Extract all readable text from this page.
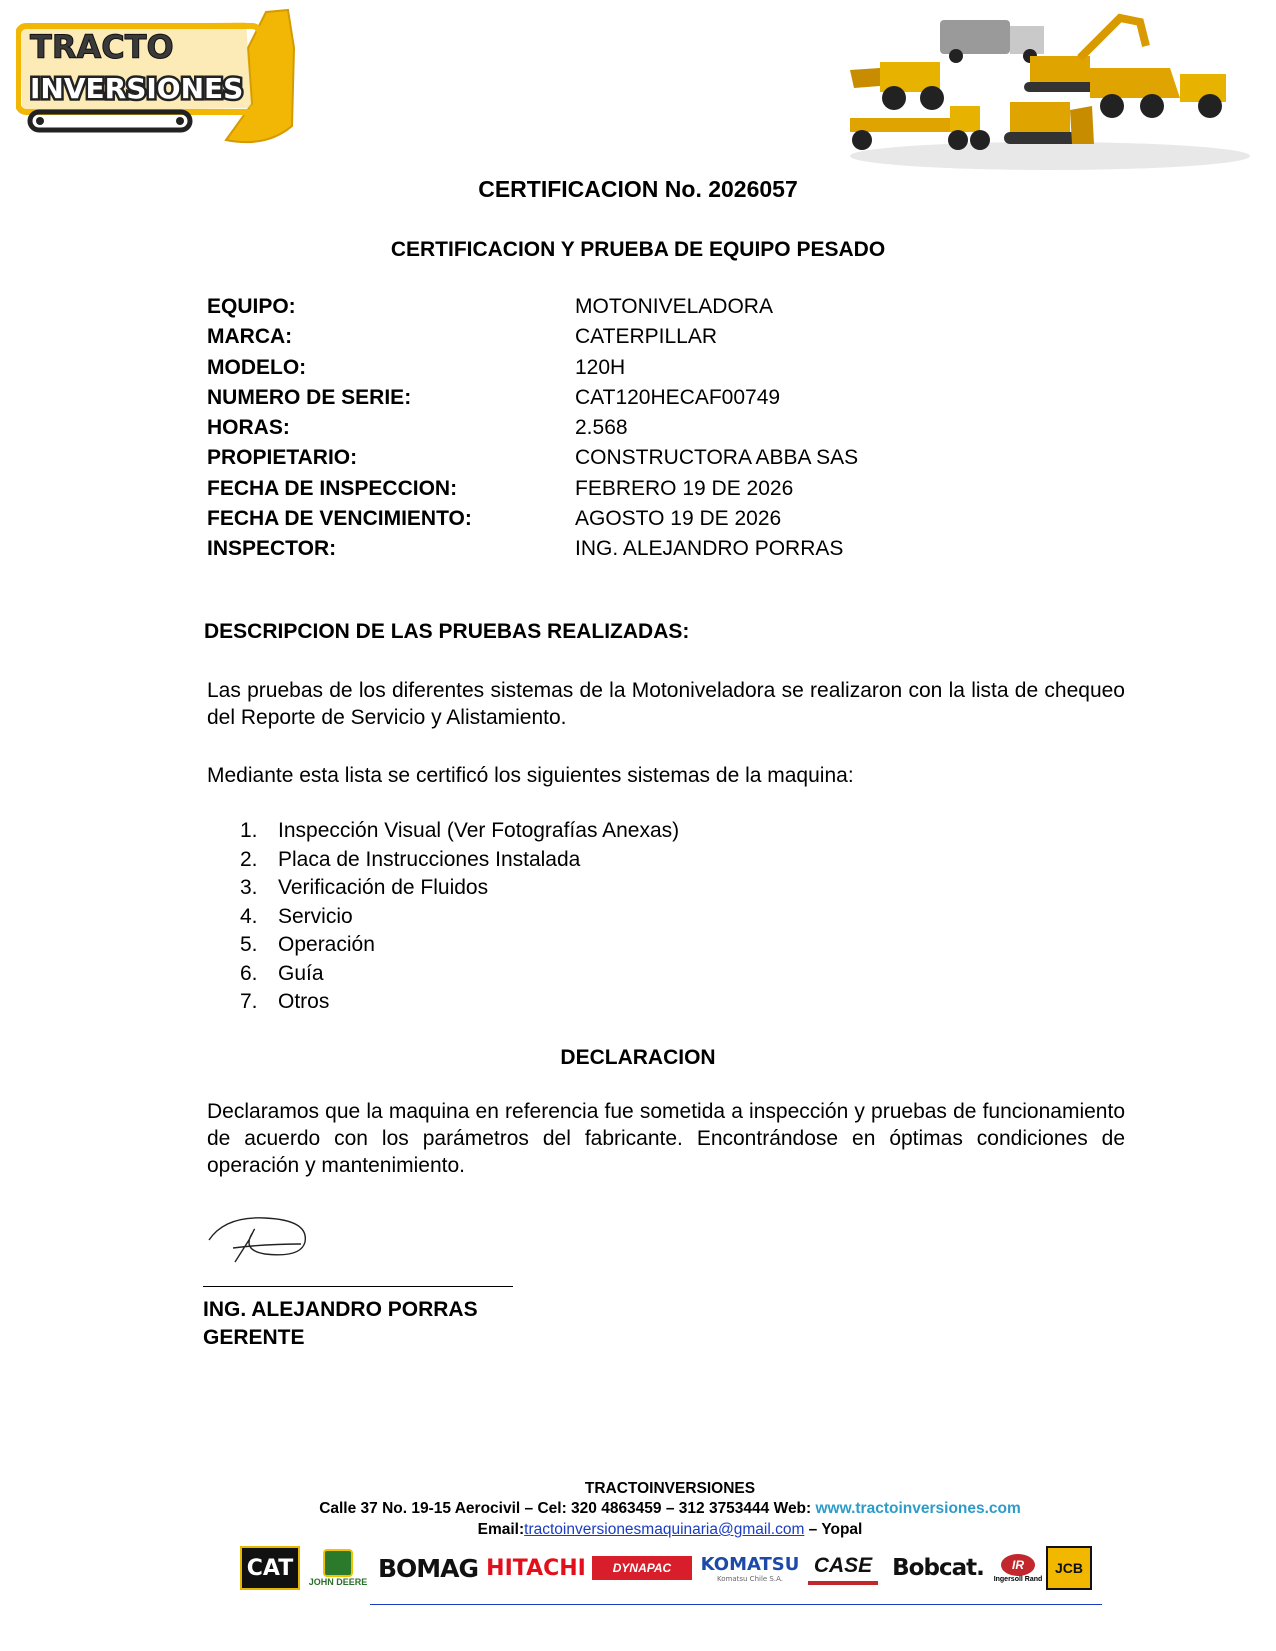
TRACTO
INVERSIONES
CERTIFICACION No. 2026057
CERTIFICACION Y PRUEBA DE EQUIPO PESADO
EQUIPO:	MOTONIVELADORA
MARCA:	CATERPILLAR
MODELO:	120H
NUMERO DE SERIE:	CAT120HECAF00749
HORAS:	2.568
PROPIETARIO:	CONSTRUCTORA ABBA SAS
FECHA DE INSPECCION:	FEBRERO 19 DE 2026
FECHA DE VENCIMIENTO:	AGOSTO 19 DE 2026
INSPECTOR:	ING. ALEJANDRO PORRAS
DESCRIPCION DE LAS PRUEBAS REALIZADAS:
Las pruebas de los diferentes sistemas de la Motoniveladora se realizaron con la lista de chequeo del Reporte de Servicio y Alistamiento.
Mediante esta lista se certificó los siguientes sistemas de la maquina:
1. Inspección Visual (Ver Fotografías Anexas)
2. Placa de Instrucciones Instalada
3. Verificación de Fluidos
4. Servicio
5. Operación
6. Guía
7. Otros
DECLARACION
Declaramos que la maquina en referencia fue sometida a inspección y pruebas de funcionamiento de acuerdo con los parámetros del fabricante. Encontrándose en óptimas condiciones de operación y mantenimiento.
ING. ALEJANDRO PORRAS
GERENTE
TRACTOINVERSIONES
Calle 37 No. 19-15 Aerocivil – Cel: 320 4863459 – 312 3753444 Web: www.tractoinversiones.com
Email:tractoinversionesmaquinaria@gmail.com – Yopal
CAT
JOHN DEERE BOMAG HITACHI	DYNAPAC	KOMATSU
Komatsu Chile S.A.
CASE Bobcat.	IR
Ingersoll Rand
JCB
